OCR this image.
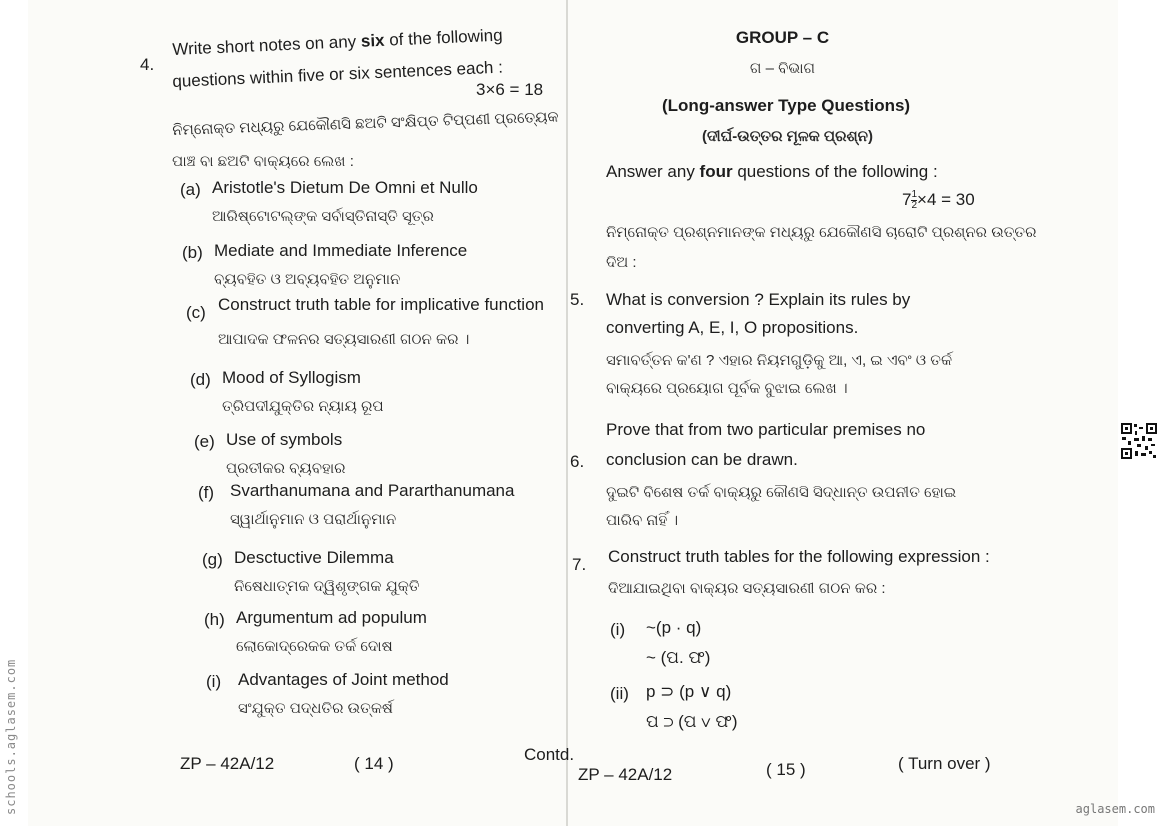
schools.aglasem.com
4.
Write short notes on any six of the following
questions within five or six sentences each :
3×6 = 18
ନିମ୍ନୋକ୍ତ ମଧ୍ୟରୁ ଯେକୌଣସି ଛଅଟି ସଂକ୍ଷିପ୍ତ ଟିପ୍ପଣୀ ପ୍ରତ୍ୟେକ
ପାଞ୍ଚ ବା ଛଅଟି ବାକ୍ୟରେ ଲେଖ :
(a) Aristotle's Dietum De Omni et Nullo
ଆରିଷ୍ଟୋଟଲ୍‌ଙ୍କ ସର୍ବାସ୍ତିନାସ୍ତି ସୂତ୍ର
(b) Mediate and Immediate Inference
ବ୍ୟବହିତ ଓ ଅବ୍ୟବହିତ ଅନୁମାନ
(c) Construct truth table for implicative function
ଆପାଦକ ଫଳନର ସତ୍ୟସାରଣୀ ଗଠନ କର ।
(d) Mood of Syllogism
ତ୍ରିପଦୀଯୁକ୍ତିର ନ୍ୟାୟ ରୂପ
(e) Use of symbols
ପ୍ରତୀକର ବ୍ୟବହାର
(f) Svarthanumana and Pararthanumana
ସ୍ୱାର୍ଥାନୁମାନ ଓ ପରାର୍ଥାନୁମାନ
(g) Desctuctive Dilemma
ନିଷେଧାତ୍ମକ ଦ୍ୱିଶୃଙ୍ଗକ ଯୁକ୍ତି
(h) Argumentum ad populum
ଲୋକୋଦ୍ରେକକ ତର୍କ ଦୋଷ
(i) Advantages of Joint method
ସଂଯୁକ୍ତ ପଦ୍ଧତିର ଉତ୍କର୍ଷ
ZP – 42A/12	( 14 )	Contd.
GROUP – C
ଗ – ବିଭାଗ
(Long-answer Type Questions)
(ଦୀର୍ଘ-ଉତ୍ତର ମୂଳକ ପ୍ରଶ୍ନ)
Answer any four questions of the following :
$7 \frac{1}{2} \times 4 = 30$
ନିମ୍ନୋକ୍ତ ପ୍ରଶ୍ନମାନଙ୍କ ମଧ୍ୟରୁ ଯେକୌଣସି ଚାରୋଟି ପ୍ରଶ୍ନର ଉତ୍ତର
ଦିଅ :
5. What is conversion ? Explain its rules by
converting A, E, I, O propositions.
ସମାବର୍ତ୍ତନ କ'ଣ ? ଏହାର ନିୟମଗୁଡ଼ିକୁ ଆ, ଏ, ଇ ଏବଂ ଓ ତର୍କ
ବାକ୍ୟରେ ପ୍ରୟୋଗ ପୂର୍ବକ ବୁଝାଇ ଲେଖ ।
6.
Prove that from two particular premises no
conclusion can be drawn.
ଦୁଇଟି ବିଶେଷ ତର୍କ ବାକ୍ୟରୁ କୌଣସି ସିଦ୍ଧାନ୍ତ ଉପନୀତ ହୋଇ
ପାରିବ ନାହିଁ ।
7. Construct truth tables for the following expression :
ଦିଆଯାଇଥିବା ବାକ୍ୟର ସତ୍ୟସାରଣୀ ଗଠନ କର :
(i) ~(p · q)
~ (ପ. ଫ)
(ii) p ⊃ (p ∨ q)
ପ ⊃ (ପ ∨ ଫ)
ZP – 42A/12	( 15 )	( Turn over )
aglasem.com
